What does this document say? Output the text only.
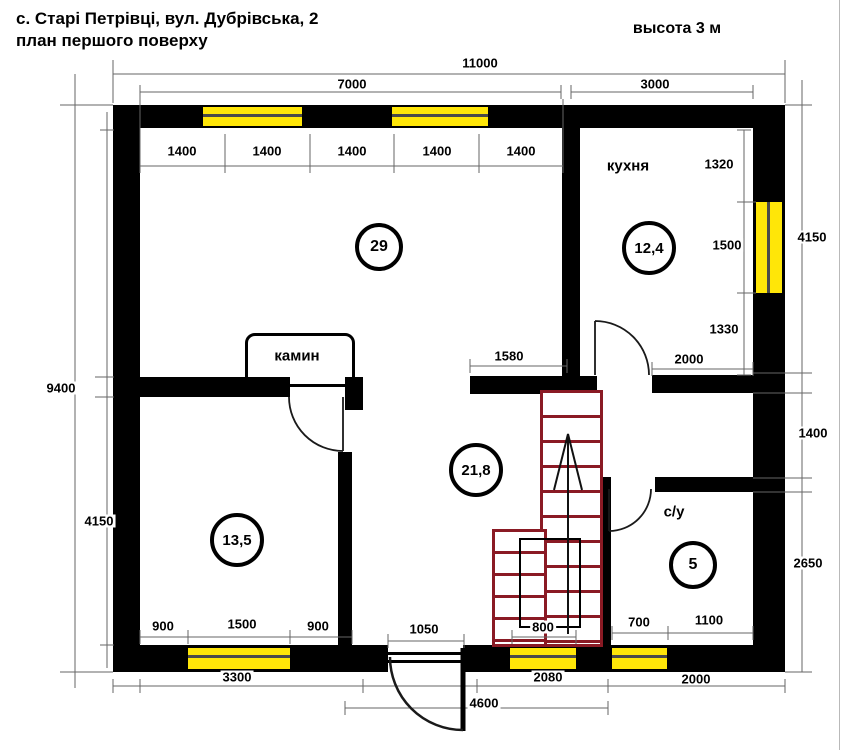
с. Старі Петрівці, вул. Дубрівська, 2
план першого поверху
высота 3 м
11000
7000	3000
1400	1400	1400	1400	1400
9400
4150
4150
1400
2650
1320
1500
1330
1580	2000
900	1500	900	1050	800	700	1100
3300	2080	2000
4600
кухня
камин
с/у
29	12,4
21,8
13,5
5
